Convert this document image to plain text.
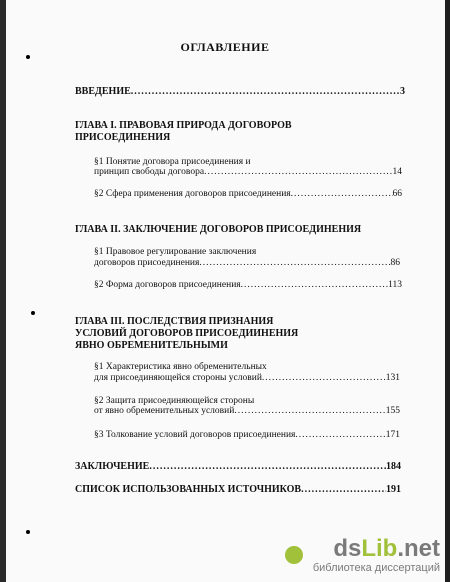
ОГЛАВЛЕНИЕ
ВВЕДЕНИЕ .....	3
ГЛАВА I. ПРАВОВАЯ ПРИРОДА ДОГОВОРОВ
ПРИСОЕДИНЕНИЯ
§1 Понятие договора присоединения и
принцип свободы договора .....	14
§2 Сфера применения договоров присоединения .....	66
ГЛАВА II. ЗАКЛЮЧЕНИЕ ДОГОВОРОВ ПРИСОЕДИНЕНИЯ
§1 Правовое регулирование заключения
договоров присоединения .....	86
§2 Форма договоров присоединения .....	113
ГЛАВА III. ПОСЛЕДСТВИЯ ПРИЗНАНИЯ
УСЛОВИЙ ДОГОВОРОВ ПРИСОЕДИИНЕНИЯ
ЯВНО ОБРЕМЕНИТЕЛЬНЫМИ
§1 Характеристика явно обременительных
для присоединяющейся стороны условий .....	131
§2 Защита присоединяющейся стороны
от явно обременительных условий .....	155
§3 Толкование условий договоров присоединения .....	171
ЗАКЛЮЧЕНИЕ .....	184
СПИСОК ИСПОЛЬЗОВАННЫХ ИСТОЧНИКОВ .....	191
dsLib.net
библиотека диссертаций
